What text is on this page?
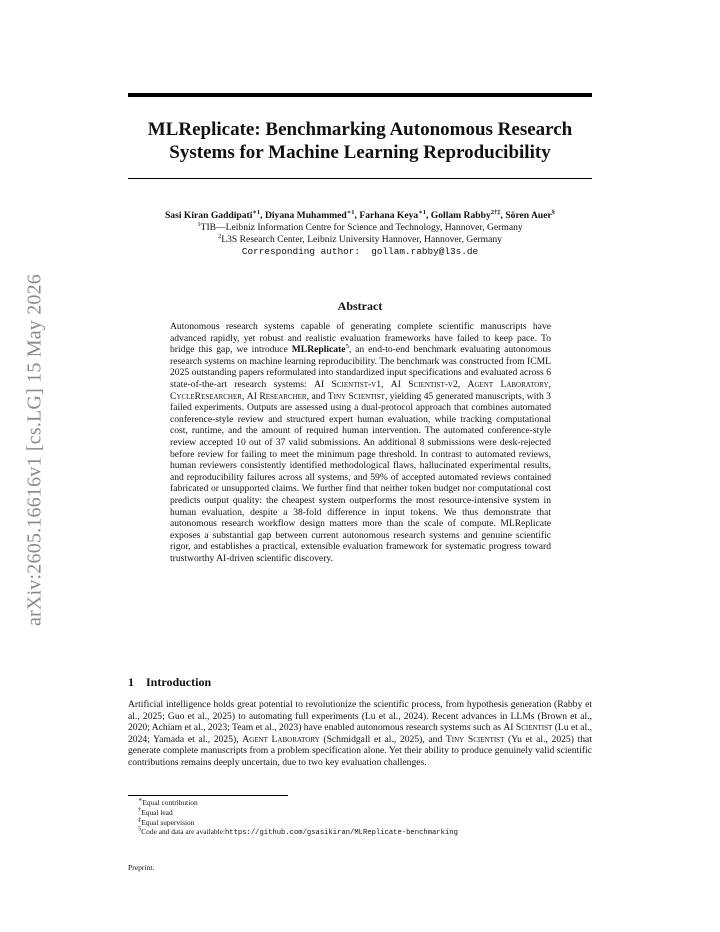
arXiv:2605.16616v1 [cs.LG] 15 May 2026
MLReplicate: Benchmarking Autonomous Research Systems for Machine Learning Reproducibility
Sasi Kiran Gaddipati$^{∗1}$, Diyana Muhammed$^{∗1}$, Farhana Keya$^{∗1}$, Gollam Rabby$^{2\dagger\ddagger}$, Sören Auer§
$^1$TIB—Leibniz Information Centre for Science and Technology, Hannover, Germany
$^2$L3S Research Center, Leibniz University Hannover, Hannover, Germany
Corresponding author: gollam.rabby@l3s.de
Abstract
Autonomous research systems capable of generating complete scientific manuscripts have advanced rapidly, yet robust and realistic evaluation frameworks have failed to keep pace. To bridge this gap, we introduce MLReplicate$^5$, an end-to-end benchmark evaluating autonomous research systems on machine learning reproducibility. The benchmark was constructed from ICML 2025 outstanding papers reformulated into standardized input specifications and evaluated across 6 state-of-the-art research systems: AI Scientist-v1, AI Scientist-v2, Agent Laboratory, CycleResearcher, AI Researcher, and Tiny Scientist, yielding 45 generated manuscripts, with 3 failed experiments. Outputs are assessed using a dual-protocol approach that combines automated conference-style review and structured expert human evaluation, while tracking computational cost, runtime, and the amount of required human intervention. The automated conference-style review accepted 10 out of 37 valid submissions. An additional 8 submissions were desk-rejected before review for failing to meet the minimum page threshold. In contrast to automated reviews, human reviewers consistently identified methodological flaws, hallucinated experimental results, and reproducibility failures across all systems, and 59% of accepted automated reviews contained fabricated or unsupported claims. We further find that neither token budget nor computational cost predicts output quality: the cheapest system outperforms the most resource-intensive system in human evaluation, despite a 38-fold difference in input tokens. We thus demonstrate that autonomous research workflow design matters more than the scale of compute. MLReplicate exposes a substantial gap between current autonomous research systems and genuine scientific rigor, and establishes a practical, extensible evaluation framework for systematic progress toward trustworthy AI-driven scientific discovery.
1 Introduction
Artificial intelligence holds great potential to revolutionize the scientific process, from hypothesis generation (Rabby et al., 2025; Guo et al., 2025) to automating full experiments (Lu et al., 2024). Recent advances in LLMs (Brown et al., 2020; Achiam et al., 2023; Team et al., 2023) have enabled autonomous research systems such as AI Scientist (Lu et al., 2024; Yamada et al., 2025), Agent Laboratory (Schmidgall et al., 2025), and Tiny Scientist (Yu et al., 2025) that generate complete manuscripts from a problem specification alone. Yet their ability to produce genuinely valid scientific contributions remains deeply uncertain, due to two key evaluation challenges.
∗Equal contribution
†Equal lead
‡Equal supervision
$^5$Code and data are available:https://github.com/gsasikiran/MLReplicate-benchmarking
Preprint.
